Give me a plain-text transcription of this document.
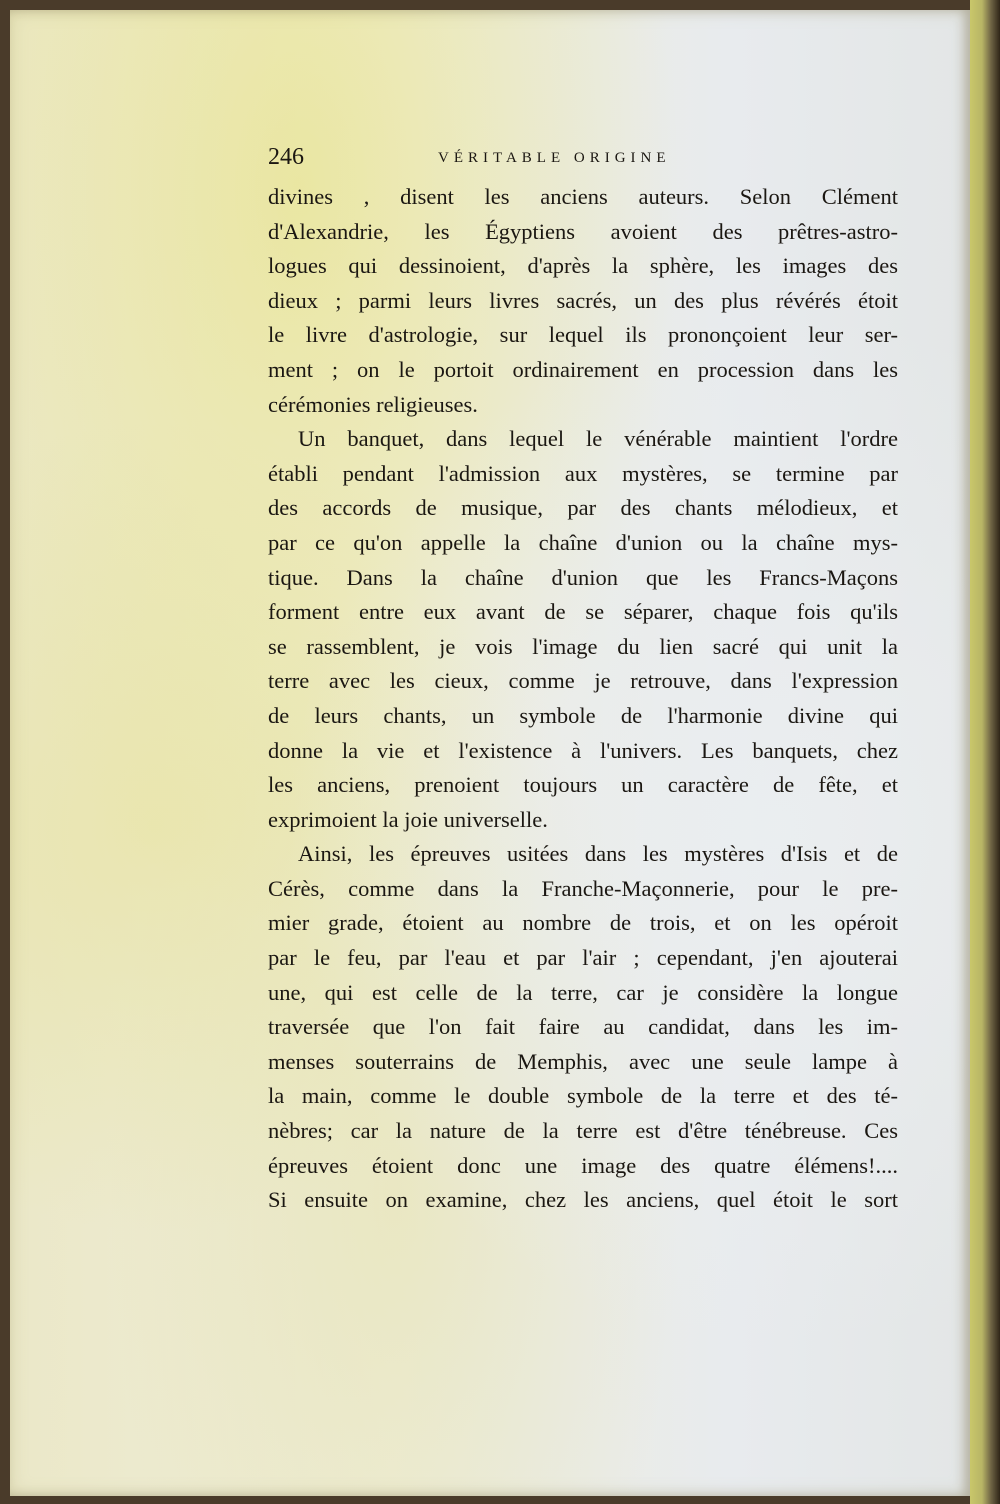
246	VÉRITABLE ORIGINE
divines , disent les anciens auteurs. Selon Clément
d'Alexandrie, les Égyptiens avoient des prêtres-astro-
logues qui dessinoient, d'après la sphère, les images des
dieux ; parmi leurs livres sacrés, un des plus révérés étoit
le livre d'astrologie, sur lequel ils prononçoient leur ser-
ment ; on le portoit ordinairement en procession dans les
cérémonies religieuses.
Un banquet, dans lequel le vénérable maintient l'ordre
établi pendant l'admission aux mystères, se termine par
des accords de musique, par des chants mélodieux, et
par ce qu'on appelle la chaîne d'union ou la chaîne mys-
tique. Dans la chaîne d'union que les Francs-Maçons
forment entre eux avant de se séparer, chaque fois qu'ils
se rassemblent, je vois l'image du lien sacré qui unit la
terre avec les cieux, comme je retrouve, dans l'expression
de leurs chants, un symbole de l'harmonie divine qui
donne la vie et l'existence à l'univers. Les banquets, chez
les anciens, prenoient toujours un caractère de fête, et
exprimoient la joie universelle.
Ainsi, les épreuves usitées dans les mystères d'Isis et de
Cérès, comme dans la Franche-Maçonnerie, pour le pre-
mier grade, étoient au nombre de trois, et on les opéroit
par le feu, par l'eau et par l'air ; cependant, j'en ajouterai
une, qui est celle de la terre, car je considère la longue
traversée que l'on fait faire au candidat, dans les im-
menses souterrains de Memphis, avec une seule lampe à
la main, comme le double symbole de la terre et des té-
nèbres; car la nature de la terre est d'être ténébreuse. Ces
épreuves étoient donc une image des quatre élémens!....
Si ensuite on examine, chez les anciens, quel étoit le sort
